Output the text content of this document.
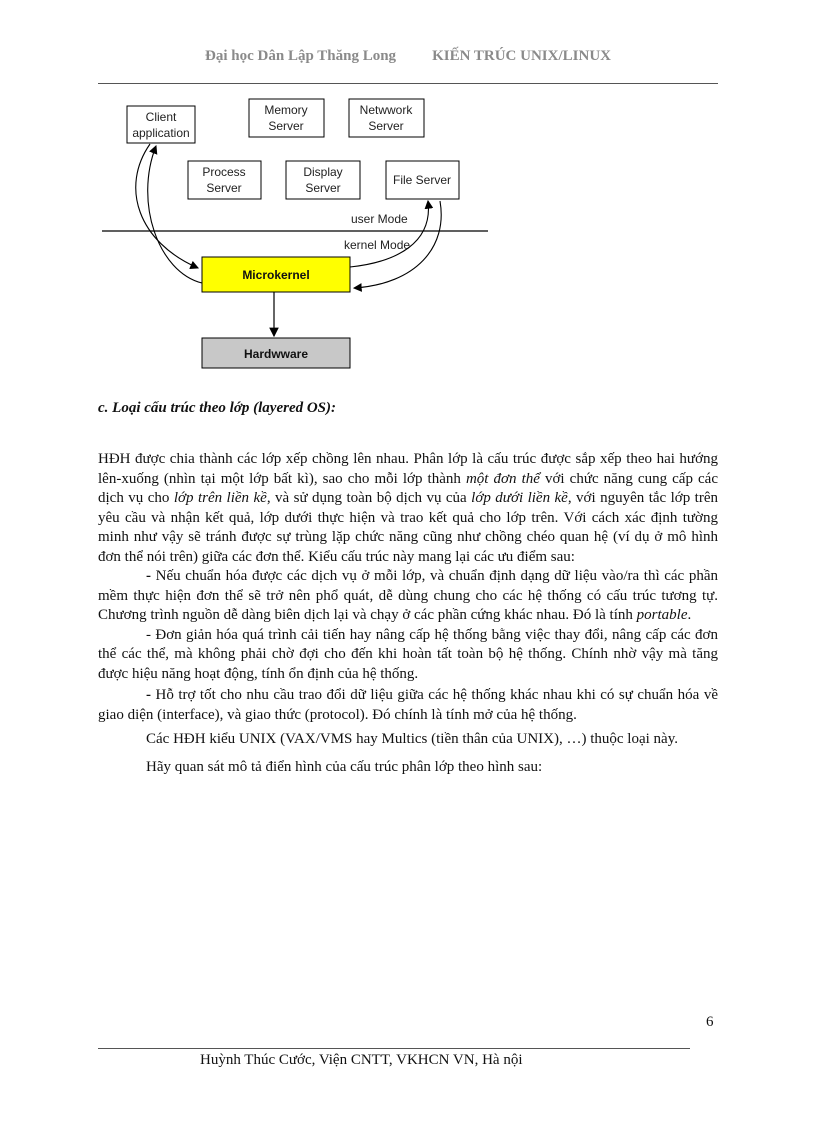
Đại học Dân Lập Thăng Long KIẾN TRÚC UNIX/LINUX
Client
application
Memory
Server
Netwwork
Server
Process
Server
Display
Server
File Server
user Mode
kernel Mode
Microkernel
Hardwware
c. Loại cấu trúc theo lớp (layered OS):

HĐH được chia thành các lớp xếp chồng lên nhau. Phân lớp là cấu trúc được sắp xếp theo hai hướng lên-xuống (nhìn tại một lớp bất kì), sao cho mỗi lớp thành một đơn thể với chức năng cung cấp các dịch vụ cho lớp trên liền kề, và sử dụng toàn bộ dịch vụ của lớp dưới liền kề, với nguyên tắc lớp trên yêu cầu và nhận kết quả, lớp dưới thực hiện và trao kết quả cho lớp trên. Với cách xác định tường minh như vậy sẽ tránh được sự trùng lặp chức năng cũng như chồng chéo quan hệ (ví dụ ở mô hình đơn thể nói trên) giữa các đơn thể. Kiểu cấu trúc này mang lại các ưu điểm sau:

- Nếu chuẩn hóa được các dịch vụ ở mỗi lớp, và chuẩn định dạng dữ liệu vào/ra thì các phần mềm thực hiện đơn thể sẽ trở nên phổ quát, dễ dùng chung cho các hệ thống có cấu trúc tương tự. Chương trình nguồn dễ dàng biên dịch lại và chạy ở các phần cứng khác nhau. Đó là tính portable.

- Đơn giản hóa quá trình cải tiến hay nâng cấp hệ thống bằng việc thay đổi, nâng cấp các đơn thể các thể, mà không phải chờ đợi cho đến khi hoàn tất toàn bộ hệ thống. Chính nhờ vậy mà tăng được hiệu năng hoạt động, tính ổn định của hệ thống.

- Hỗ trợ tốt cho nhu cầu trao đổi dữ liệu giữa các hệ thống khác nhau khi có sự chuẩn hóa về giao diện (interface), và giao thức (protocol). Đó chính là tính mở của hệ thống.

Các HĐH kiểu UNIX (VAX/VMS hay Multics (tiền thân của UNIX), …) thuộc loại này.

Hãy quan sát mô tả điển hình của cấu trúc phân lớp theo hình sau:

6
Huỳnh Thúc Cước, Viện CNTT, VKHCN VN, Hà nội
